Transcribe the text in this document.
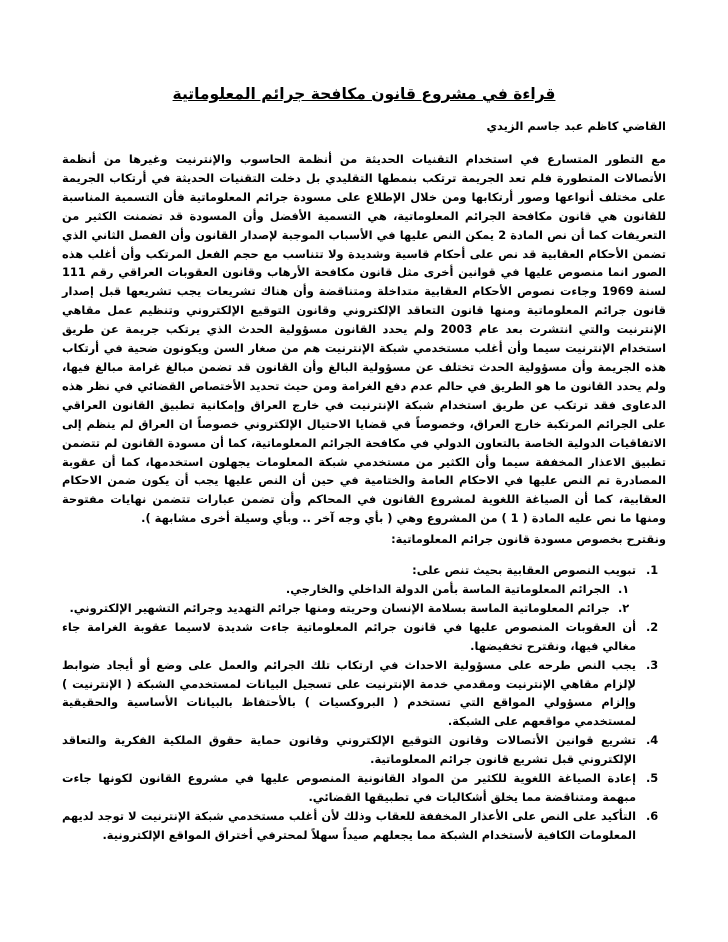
قراءة في مشروع قانون مكافحة جرائم المعلوماتية
القاضي كاظم عبد جاسم الزيدي

مع التطور المتسارع في استخدام التقنيات الحديثة من أنظمة الحاسوب والإنترنيت وغيرها من أنظمة الأتصالات المتطورة فلم تعد الجريمة ترتكب بنمطها التقليدي بل دخلت التقنيات الحديثة في أرتكاب الجريمة على مختلف أنواعها وصور أرتكابها ومن خلال الإطلاع على مسودة جرائم المعلوماتية فأن التسمية المناسبة للقانون هي قانون مكافحة الجرائم المعلوماتية، هي التسمية الأفضل وأن المسودة قد تضمنت الكثير من التعريفات كما أن نص المادة 2 يمكن النص عليها في الأسباب الموجبة لإصدار القانون وأن الفصل الثاني الذي تضمن الأحكام العقابية قد نص على أحكام قاسية وشديدة ولا تتناسب مع حجم الفعل المرتكب وأن أغلب هذه الصور انما منصوص عليها في قوانين أخرى مثل قانون مكافحة الأرهاب وقانون العقوبات العراقي رقم 111 لسنة 1969 وجاءت نصوص الأحكام العقابية متداخلة ومتناقضة وأن هناك تشريعات يجب تشريعها قبل إصدار قانون جرائم المعلوماتية ومنها قانون التعاقد الإلكتروني وقانون التوقيع الإلكتروني وتنظيم عمل مقاهي الإنترنيت والتي انتشرت بعد عام 2003 ولم يحدد القانون مسؤولية الحدث الذي يرتكب جريمة عن طريق استخدام الإنترنيت سيما وأن أغلب مستخدمي شبكة الإنترنيت هم من صغار السن ويكونون ضحية في أرتكاب هذه الجريمة وأن مسؤولية الحدث تختلف عن مسؤولية البالغ وأن القانون قد تضمن مبالغ غرامة مبالغ فيها، ولم يحدد القانون ما هو الطريق في حالم عدم دفع الغرامة ومن حيث تحديد الأختصاص القضائي في نظر هذه الدعاوى فقد ترتكب عن طريق استخدام شبكة الإنترنيت في خارج العراق وإمكانية تطبيق القانون العراقي على الجرائم المرتكبة خارج العراق، وخصوصاً في قضايا الاحتيال الإلكتروني خصوصاً ان العراق لم ينظم إلى الاتفاقيات الدولية الخاصة بالتعاون الدولي في مكافحة الجرائم المعلوماتية، كما أن مسودة القانون لم تتضمن تطبيق الاعذار المخففة سيما وأن الكثير من مستخدمي شبكة المعلومات يجهلون استخدمها، كما أن عقوبة المصادرة تم النص عليها في الاحكام العامة والختامية في حين أن النص عليها يجب أن يكون ضمن الاحكام العقابية، كما أن الصياغة اللغوية لمشروع القانون في المحاكم وأن تضمن عبارات تتضمن نهايات مفتوحة ومنها ما نص عليه المادة ( 1 ) من المشروع وهي ( بأي وجه آخر .. وبأي وسيلة أخرى مشابهة ).

ونقترح بخصوص مسودة قانون جرائم المعلوماتية:
1. تبويب النصوص العقابية بحيث تنص على:
1. الجرائم المعلوماتية الماسة بأمن الدولة الداخلي والخارجي.
2. جرائم المعلوماتية الماسة بسلامة الإنسان وحريته ومنها جرائم التهديد وجرائم التشهير الإلكتروني.
2. أن العقوبات المنصوص عليها في قانون جرائم المعلوماتية جاءت شديدة لاسيما عقوبة الغرامة جاء مغالي فيها، ونقترح تخفيضها.
3. يجب النص طرحه على مسؤولية الاحداث في ارتكاب تلك الجرائم والعمل على وضع أو أيجاد ضوابط لإلزام مقاهي الإنترنيت ومقدمي خدمة الإنترنيت على تسجيل البيانات لمستخدمي الشبكة ( الإنترنيت ) وإلزام مسؤولي المواقع التي تستخدم ( البروكسيات ) بالأحتفاظ بالبيانات الأساسية والحقيقية لمستخدمي مواقعهم على الشبكة.
4. تشريع قوانين الأتصالات وقانون التوقيع الإلكتروني وقانون حماية حقوق الملكية الفكرية والتعاقد الإلكتروني قبل تشريع قانون جرائم المعلوماتية.
5. إعادة الصياغة اللغوية للكثير من المواد القانونية المنصوص عليها في مشروع القانون لكونها جاءت مبهمة ومتناقضة مما يخلق أشكاليات في تطبيقها القضائي.
6. التأكيد على النص على الأعذار المخففة للعقاب وذلك لأن أغلب مستخدمي شبكة الإنترنيت لا توجد لديهم المعلومات الكافية لأستخدام الشبكة مما يجعلهم صيداً سهلاً لمحترفي أختراق المواقع الإلكترونية.
